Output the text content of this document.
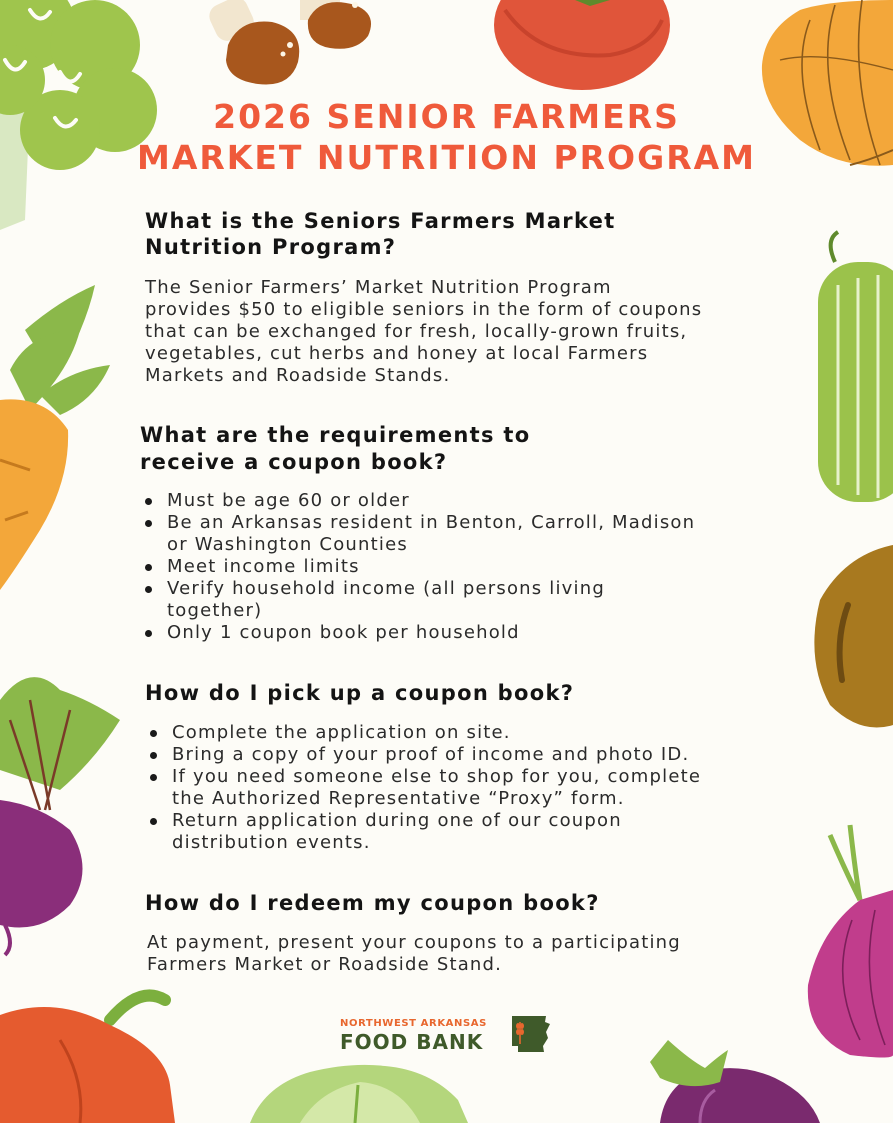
2026 SENIOR FARMERS
MARKET NUTRITION PROGRAM
What is the Seniors Farmers Market
Nutrition Program?
The Senior Farmers’ Market Nutrition Program
provides $50 to eligible seniors in the form of coupons
that can be exchanged for fresh, locally-grown fruits,
vegetables, cut herbs and honey at local Farmers
Markets and Roadside Stands.
What are the requirements to
receive a coupon book?
Must be age 60 or older
Be an Arkansas resident in Benton, Carroll, Madison
or Washington Counties
Meet income limits
Verify household income (all persons living
together)
Only 1 coupon book per household
How do I pick up a coupon book?
Complete the application on site.
Bring a copy of your proof of income and photo ID.
If you need someone else to shop for you, complete
the Authorized Representative “Proxy” form.
Return application during one of our coupon
distribution events.
How do I redeem my coupon book?
At payment, present your coupons to a participating
Farmers Market or Roadside Stand.
NORTHWEST ARKANSAS
FOOD BANK
